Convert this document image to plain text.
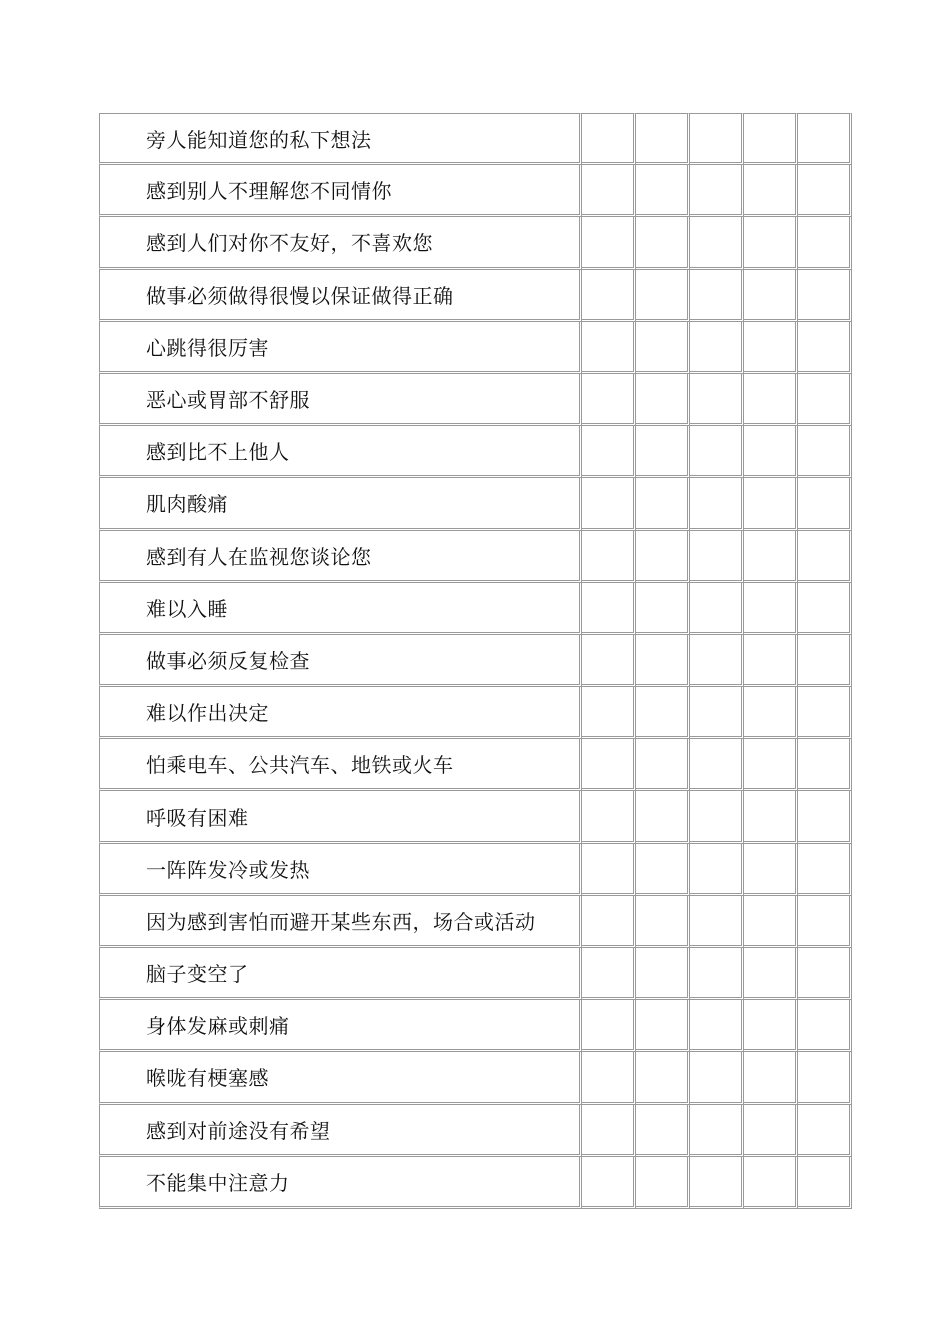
旁人能知道您的私下想法					
感到别人不理解您不同情你					
感到人们对你不友好，不喜欢您					
做事必须做得很慢以保证做得正确					
心跳得很厉害					
恶心或胃部不舒服					
感到比不上他人					
肌肉酸痛					
感到有人在监视您谈论您					
难以入睡					
做事必须反复检查					
难以作出决定					
怕乘电车、公共汽车、地铁或火车					
呼吸有困难					
一阵阵发冷或发热					
因为感到害怕而避开某些东西，场合或活动					
脑子变空了					
身体发麻或刺痛					
喉咙有梗塞感					
感到对前途没有希望					
不能集中注意力					
